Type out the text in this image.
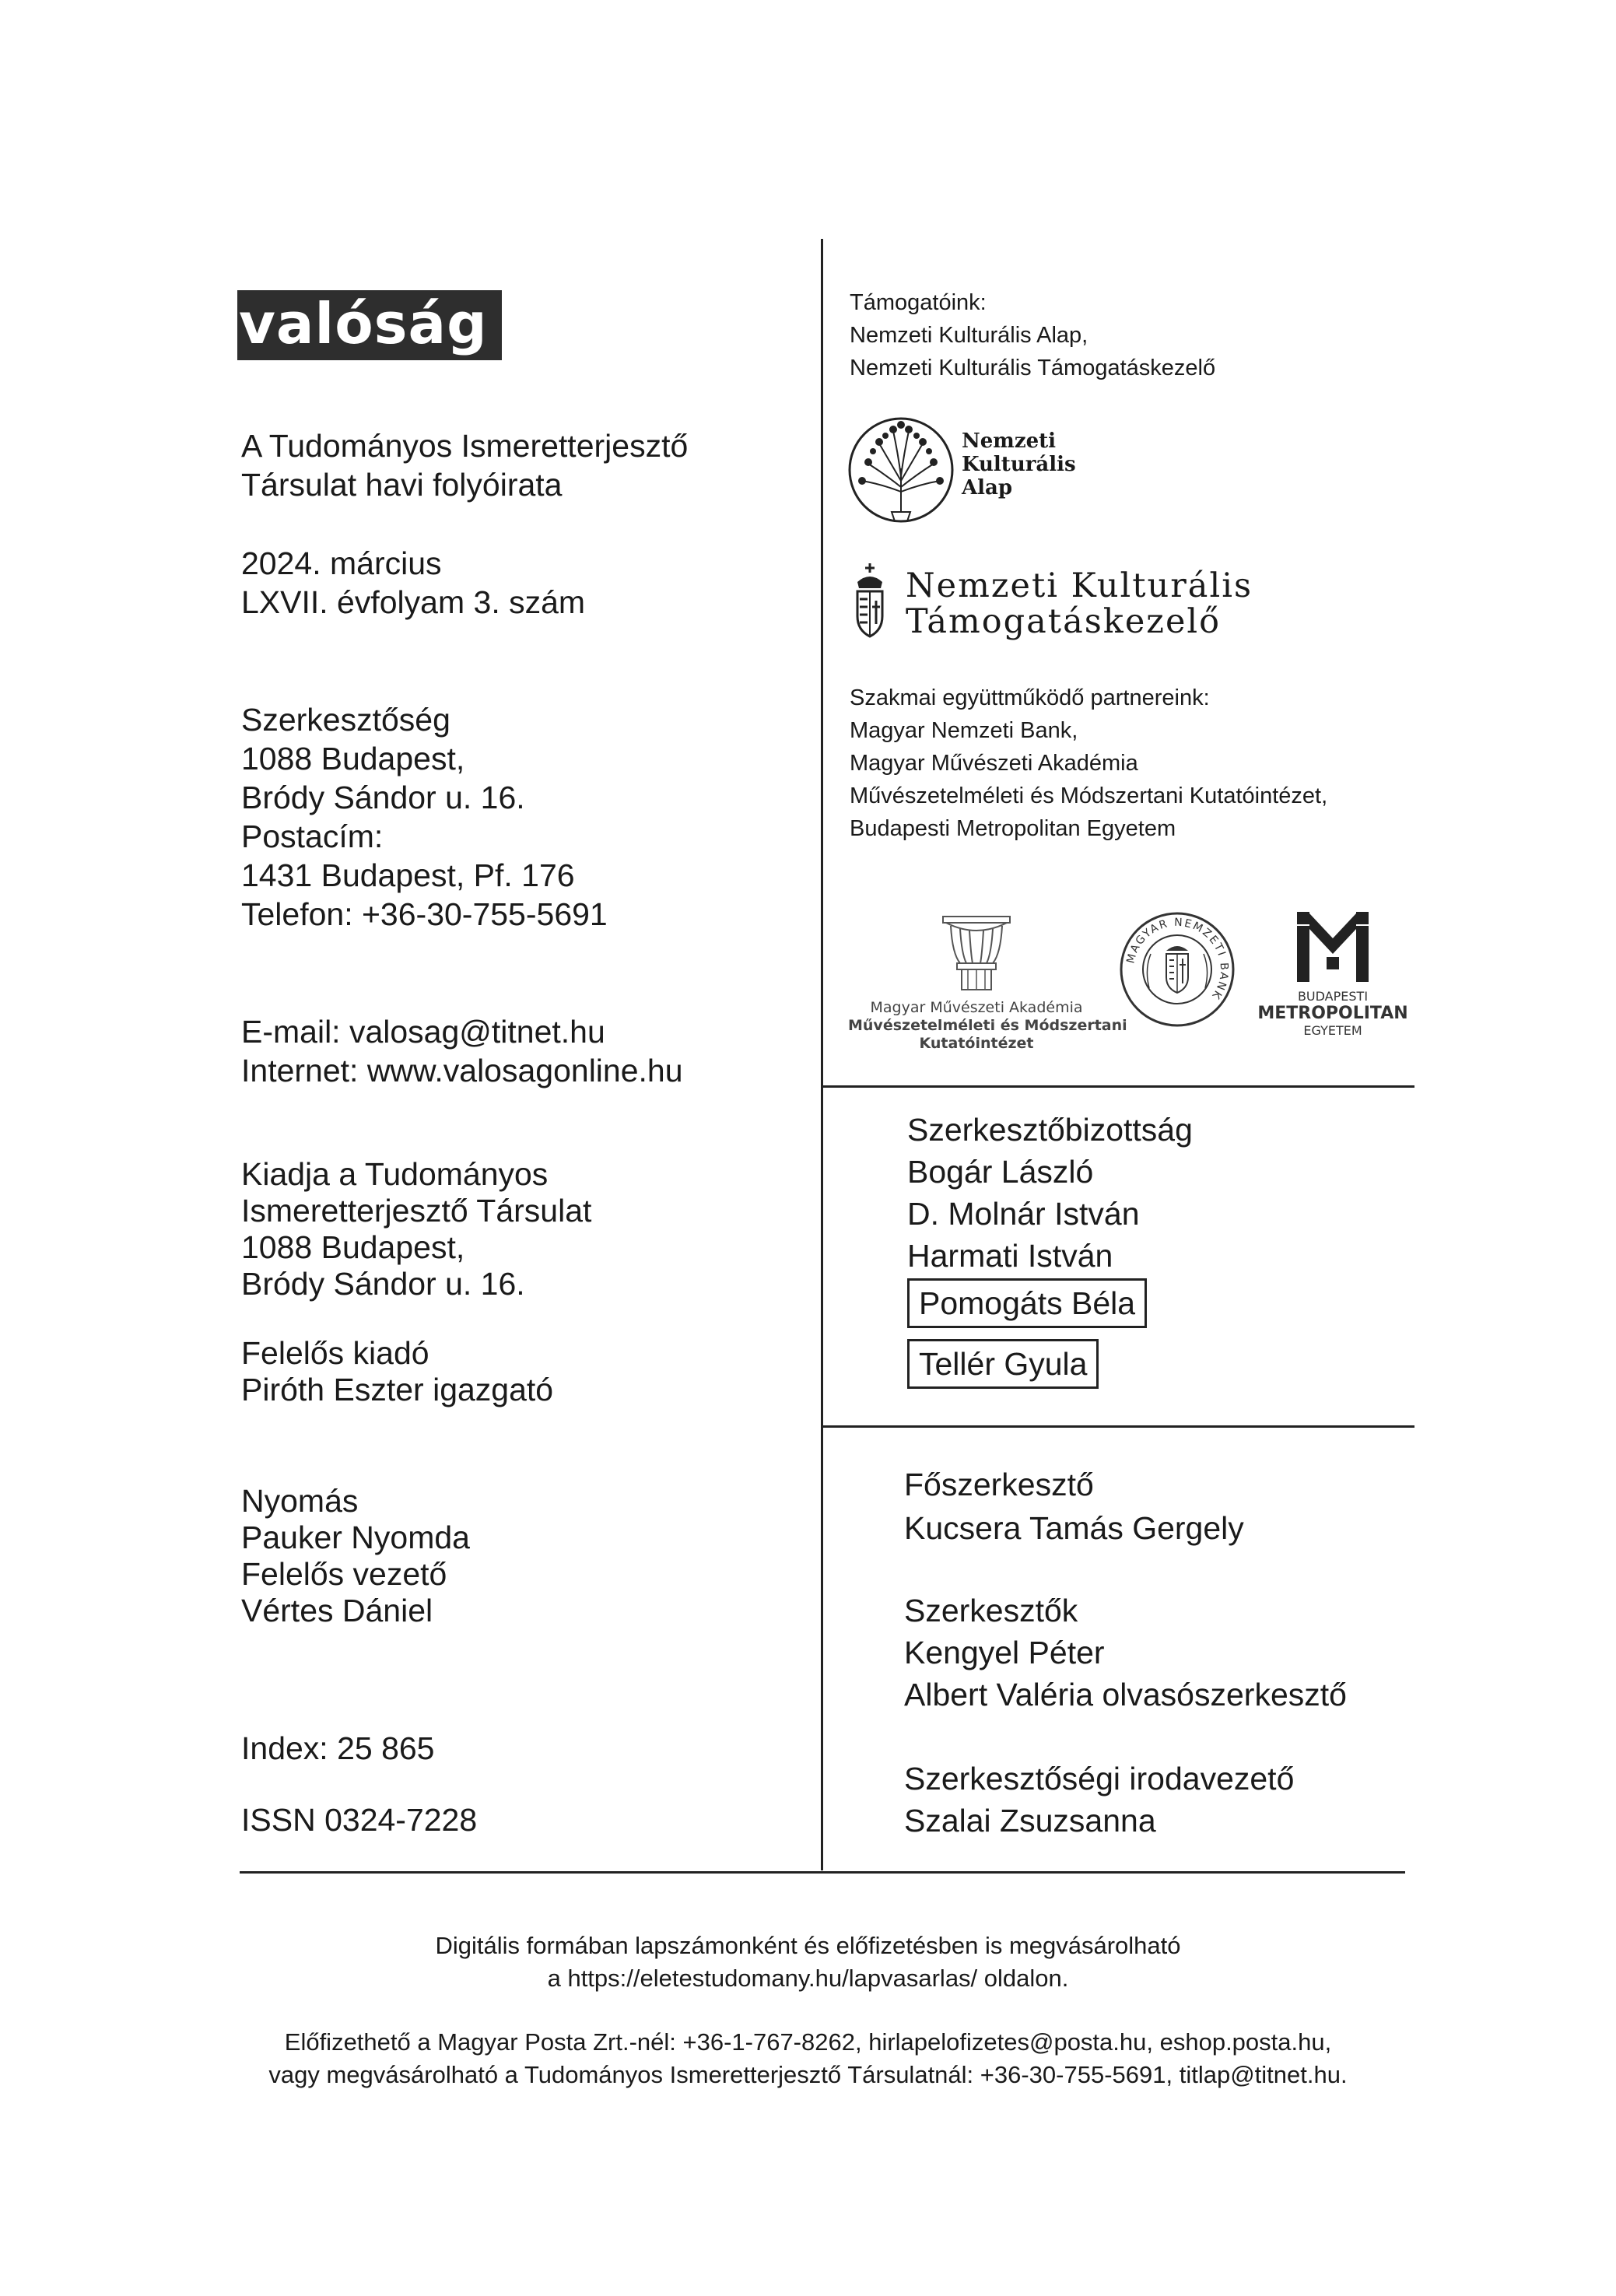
valóság
A Tudományos Ismeretterjesztő
Társulat havi folyóirata
2024. március
LXVII. évfolyam 3. szám
Szerkesztőség
1088 Budapest,
Bródy Sándor u. 16.
Postacím:
1431 Budapest, Pf. 176
Telefon: +36-30-755-5691
E-mail: valosag@titnet.hu
Internet: www.valosagonline.hu
Kiadja a Tudományos
Ismeretterjesztő Társulat
1088 Budapest,
Bródy Sándor u. 16.
Felelős kiadó
Piróth Eszter igazgató
Nyomás
Pauker Nyomda
Felelős vezető
Vértes Dániel
Index: 25 865
ISSN 0324-7228
Támogatóink:
Nemzeti Kulturális Alap,
Nemzeti Kulturális Támogatáskezelő
Nemzeti
Kulturális
Alap
Nemzeti Kulturális
Támogatáskezelő
Szakmai együttműködő partnereink:
Magyar Nemzeti Bank,
Magyar Művészeti Akadémia
Művészetelméleti és Módszertani Kutatóintézet,
Budapesti Metropolitan Egyetem
Magyar Művészeti Akadémia
Művészetelméleti és Módszertani
Kutatóintézet
MAGYAR NEMZETI BANK	BUDAPESTI
METROPOLITAN
EGYETEM
Szerkesztőbizottság
Bogár László
D. Molnár István
Harmati István
Pomogáts Béla
Tellér Gyula
Főszerkesztő
Kucsera Tamás Gergely
Szerkesztők
Kengyel Péter
Albert Valéria olvasószerkesztő
Szerkesztőségi irodavezető
Szalai Zsuzsanna
Digitális formában lapszámonként és előfizetésben is megvásárolható
a https://eletestudomany.hu/lapvasarlas/ oldalon.
Előfizethető a Magyar Posta Zrt.-nél: +36-1-767-8262, hirlapelofizetes@posta.hu, eshop.posta.hu,
vagy megvásárolható a Tudományos Ismeretterjesztő Társulatnál: +36-30-755-5691, titlap@titnet.hu.
